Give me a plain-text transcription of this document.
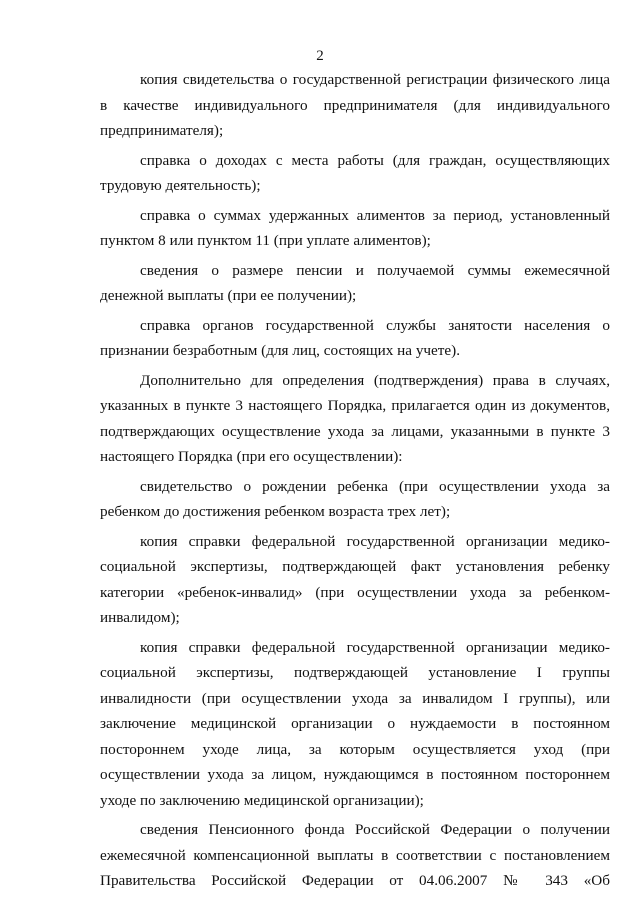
2
копия свидетельства о государственной регистрации физического лица
в качестве индивидуального предпринимателя (для индивидуального
предпринимателя);
справка о доходах с места работы (для граждан, осуществляющих
трудовую деятельность);
справка о суммах удержанных алиментов за период, установленный
пунктом 8 или пунктом 11 (при уплате алиментов);
сведения о размере пенсии и получаемой суммы ежемесячной
денежной выплаты (при ее получении);
справка органов государственной службы занятости населения о
признании безработным (для лиц, состоящих на учете).
Дополнительно для определения (подтверждения) права в случаях,
указанных в пункте 3 настоящего Порядка, прилагается один из документов,
подтверждающих осуществление ухода за лицами, указанными в пункте 3
настоящего Порядка (при его осуществлении):
свидетельство о рождении ребенка (при осуществлении ухода за
ребенком до достижения ребенком возраста трех лет);
копия справки федеральной государственной организации медико-
социальной экспертизы, подтверждающей факт установления ребенку
категории «ребенок-инвалид» (при осуществлении ухода за ребенком-
инвалидом);
копия справки федеральной государственной организации медико-
социальной экспертизы, подтверждающей установление I группы
инвалидности (при осуществлении ухода за инвалидом I группы), или
заключение медицинской организации о нуждаемости в постоянном
постороннем уходе лица, за которым осуществляется уход (при
осуществлении ухода за лицом, нуждающимся в постоянном постороннем
уходе по заключению медицинской организации);
сведения Пенсионного фонда Российской Федерации о получении
ежемесячной компенсационной выплаты в соответствии с постановлением
Правительства Российской Федерации от 04.06.2007 № 343 «Об
